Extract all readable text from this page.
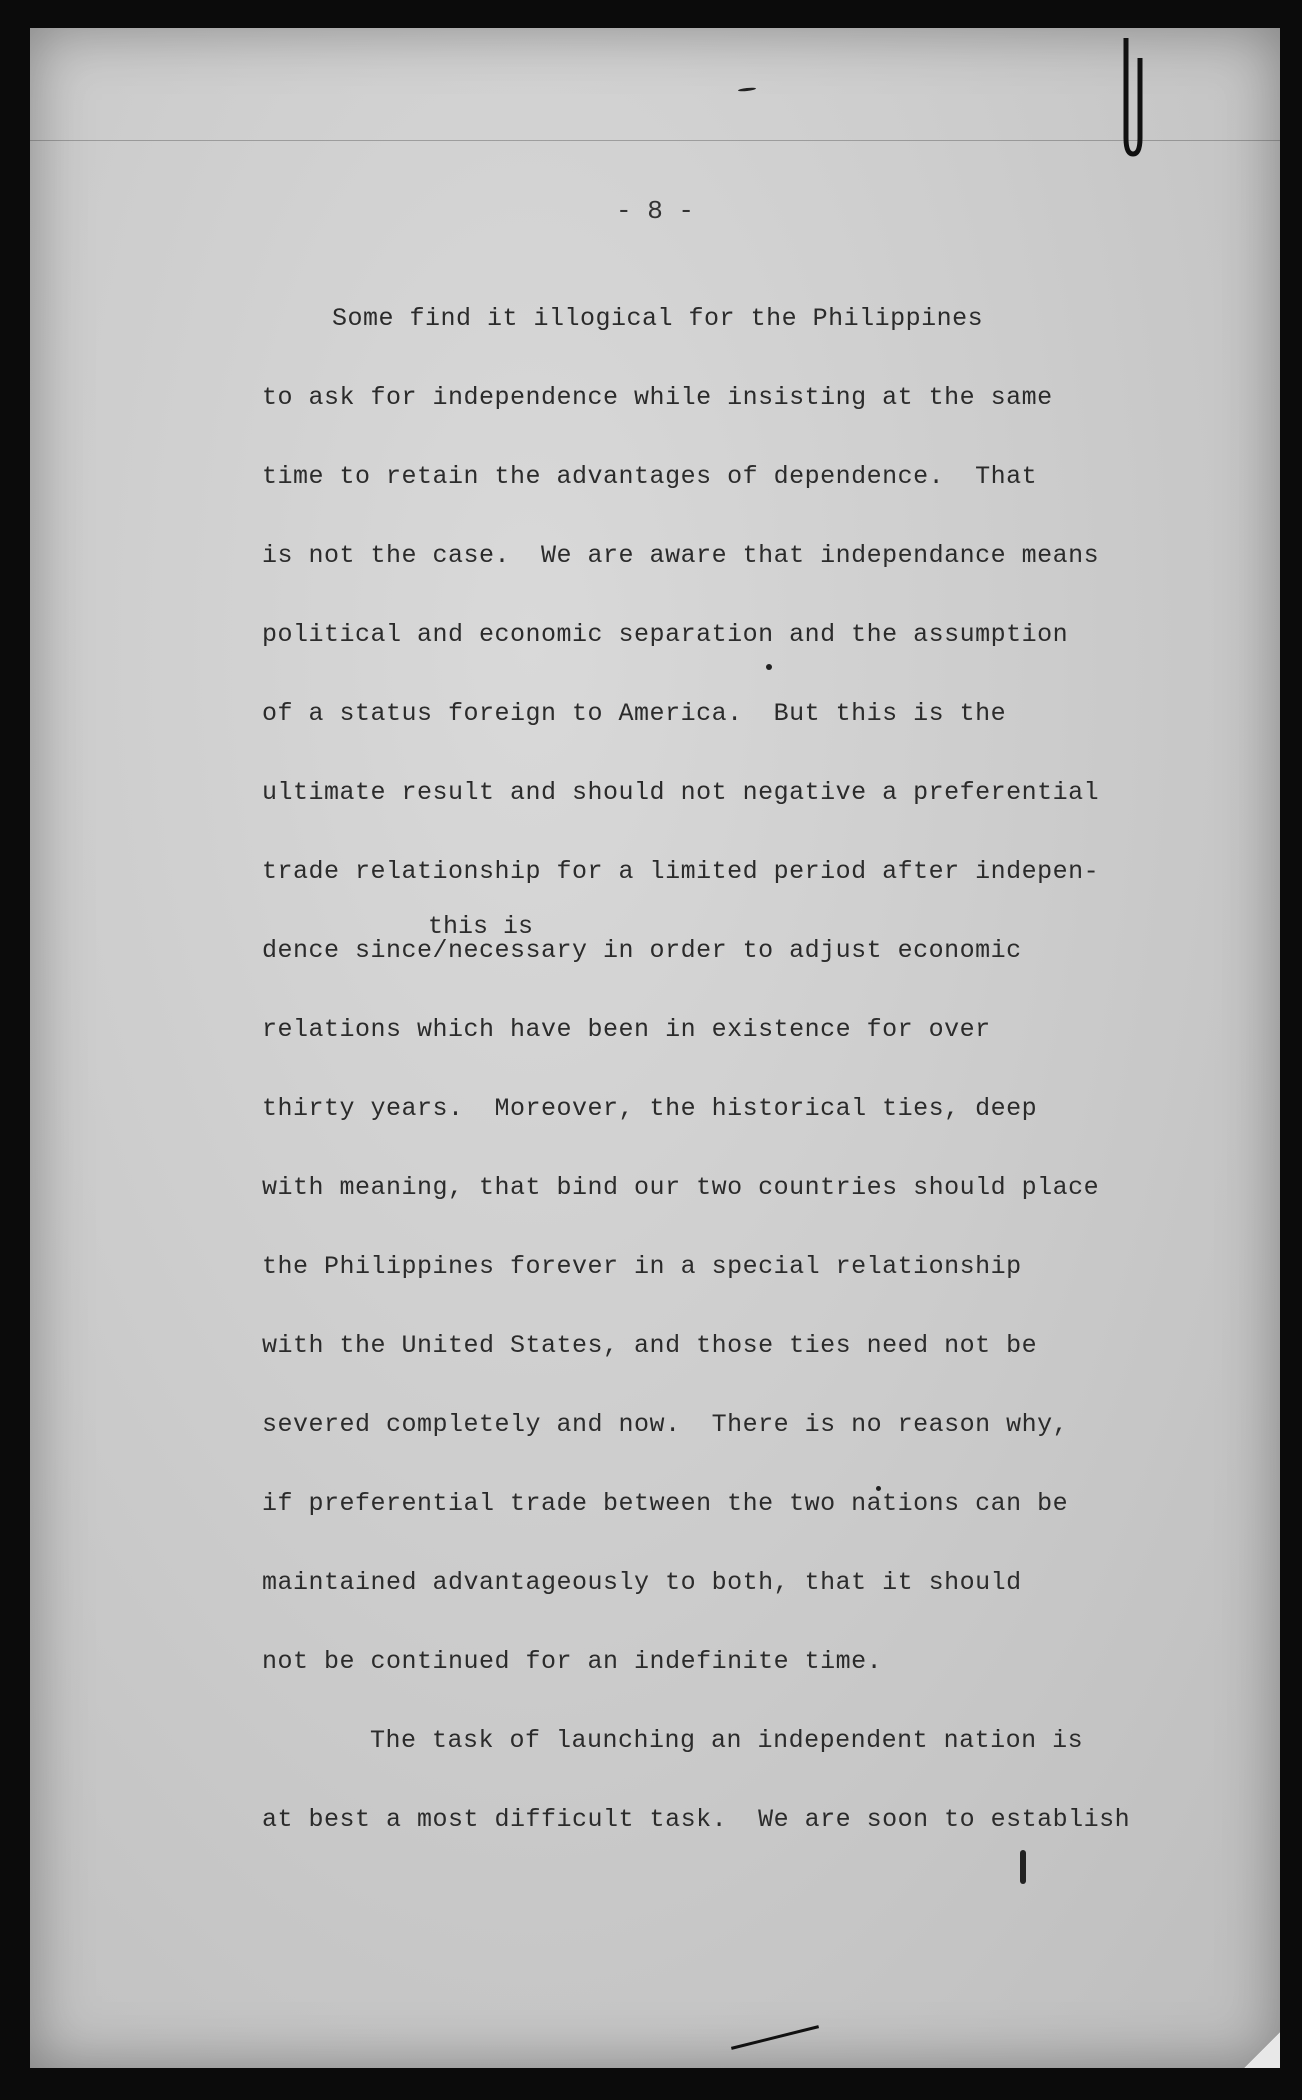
- 8 -
Some find it illogical for the Philippines
to ask for independence while insisting at the same
time to retain the advantages of dependence.  That
is not the case.  We are aware that independance means
political and economic separation and the assumption
of a status foreign to America.  But this is the
ultimate result and should not negative a preferential
trade relationship for a limited period after indepen-
this is
dence since/necessary in order to adjust economic
relations which have been in existence for over
thirty years.  Moreover, the historical ties, deep
with meaning, that bind our two countries should place
the Philippines forever in a special relationship
with the United States, and those ties need not be
severed completely and now.  There is no reason why,
if preferential trade between the two nations can be
maintained advantageously to both, that it should
not be continued for an indefinite time.
The task of launching an independent nation is
at best a most difficult task.  We are soon to establish
